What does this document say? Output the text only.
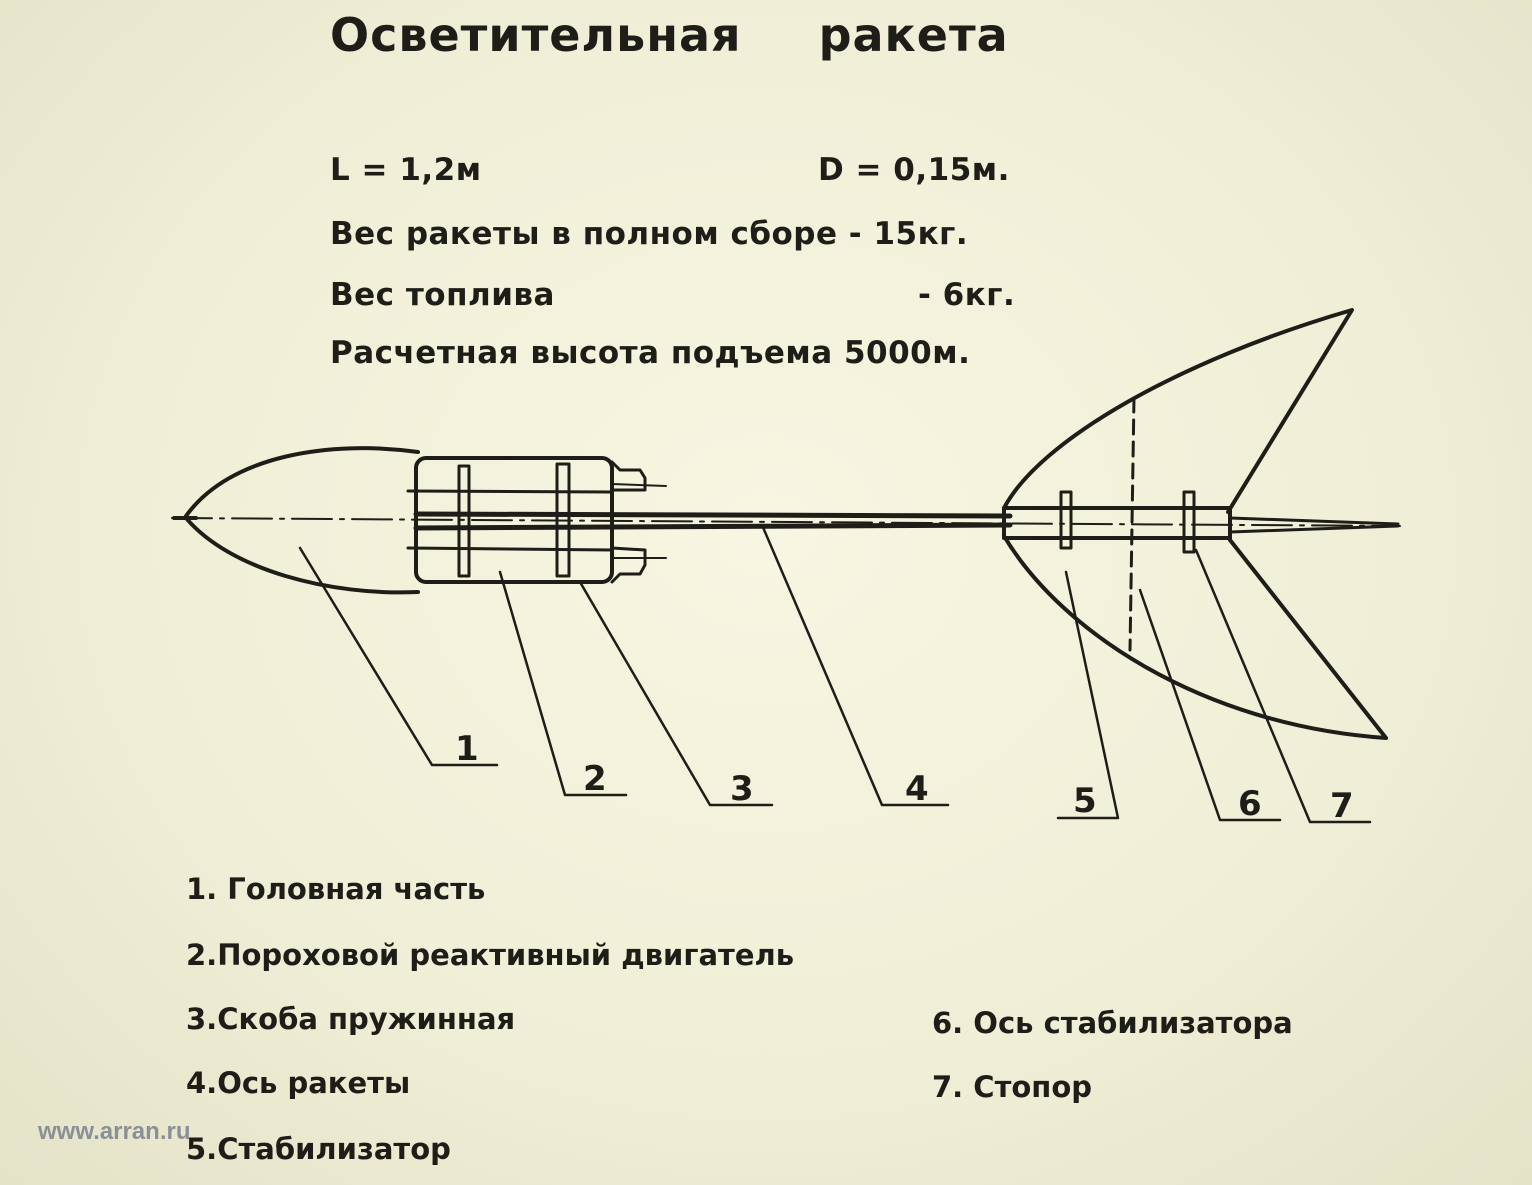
Осветительная ракета
L = 1,2м	D = 0,15м.
Вес ракеты в полном сборе - 15кг.
Вес топлива	- 6кг.
Расчетная высота подъема 5000м.
1
2	3	4	5	6 7
1. Головная часть
2.Пороховой реактивный двигатель
3.Скоба пружинная
4.Ось ракеты
5.Стабилизатор
6. Ось стабилизатора
7. Стопор
www.arran.ru
